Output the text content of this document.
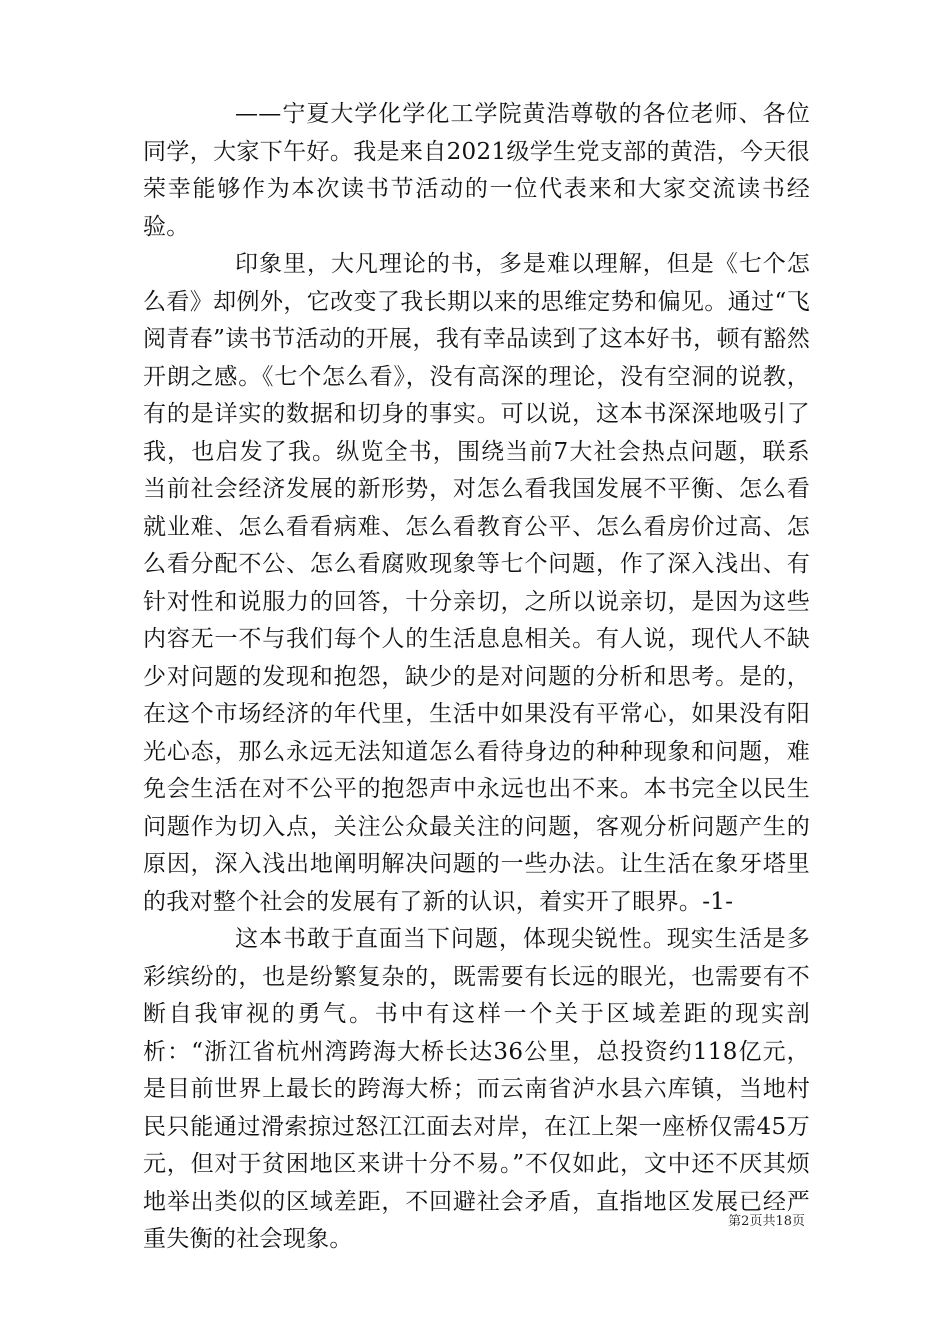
——宁夏大学化学化工学院黄浩尊敬的各位老师、各位同学，大家下午好。我是来自2021级学生党支部的黄浩，今天很荣幸能够作为本次读书节活动的一位代表来和大家交流读书经验。

印象里，大凡理论的书，多是难以理解，但是《七个怎么看》却例外，它改变了我长期以来的思维定势和偏见。通过“飞阅青春”读书节活动的开展，我有幸品读到了这本好书，顿有豁然开朗之感。《七个怎么看》，没有高深的理论，没有空洞的说教，有的是详实的数据和切身的事实。可以说，这本书深深地吸引了我，也启发了我。纵览全书，围绕当前7大社会热点问题，联系当前社会经济发展的新形势，对怎么看我国发展不平衡、怎么看就业难、怎么看看病难、怎么看教育公平、怎么看房价过高、怎么看分配不公、怎么看腐败现象等七个问题，作了深入浅出、有针对性和说服力的回答，十分亲切，之所以说亲切，是因为这些内容无一不与我们每个人的生活息息相关。有人说，现代人不缺少对问题的发现和抱怨，缺少的是对问题的分析和思考。是的，在这个市场经济的年代里，生活中如果没有平常心，如果没有阳光心态，那么永远无法知道怎么看待身边的种种现象和问题，难免会生活在对不公平的抱怨声中永远也出不来。本书完全以民生问题作为切入点，关注公众最关注的问题，客观分析问题产生的原因，深入浅出地阐明解决问题的一些办法。让生活在象牙塔里的我对整个社会的发展有了新的认识，着实开了眼界。-1-

这本书敢于直面当下问题，体现尖锐性。现实生活是多彩缤纷的，也是纷繁复杂的，既需要有长远的眼光，也需要有不断自我审视的勇气。书中有这样一个关于区域差距的现实剖析：“浙江省杭州湾跨海大桥长达36公里，总投资约118亿元，是目前世界上最长的跨海大桥；而云南省泸水县六库镇，当地村民只能通过滑索掠过怒江江面去对岸，在江上架一座桥仅需45万元，但对于贫困地区来讲十分不易。”不仅如此，文中还不厌其烦地举出类似的区域差距，不回避社会矛盾，直指地区发展已经严重失衡的社会现象。

第2页共18页
